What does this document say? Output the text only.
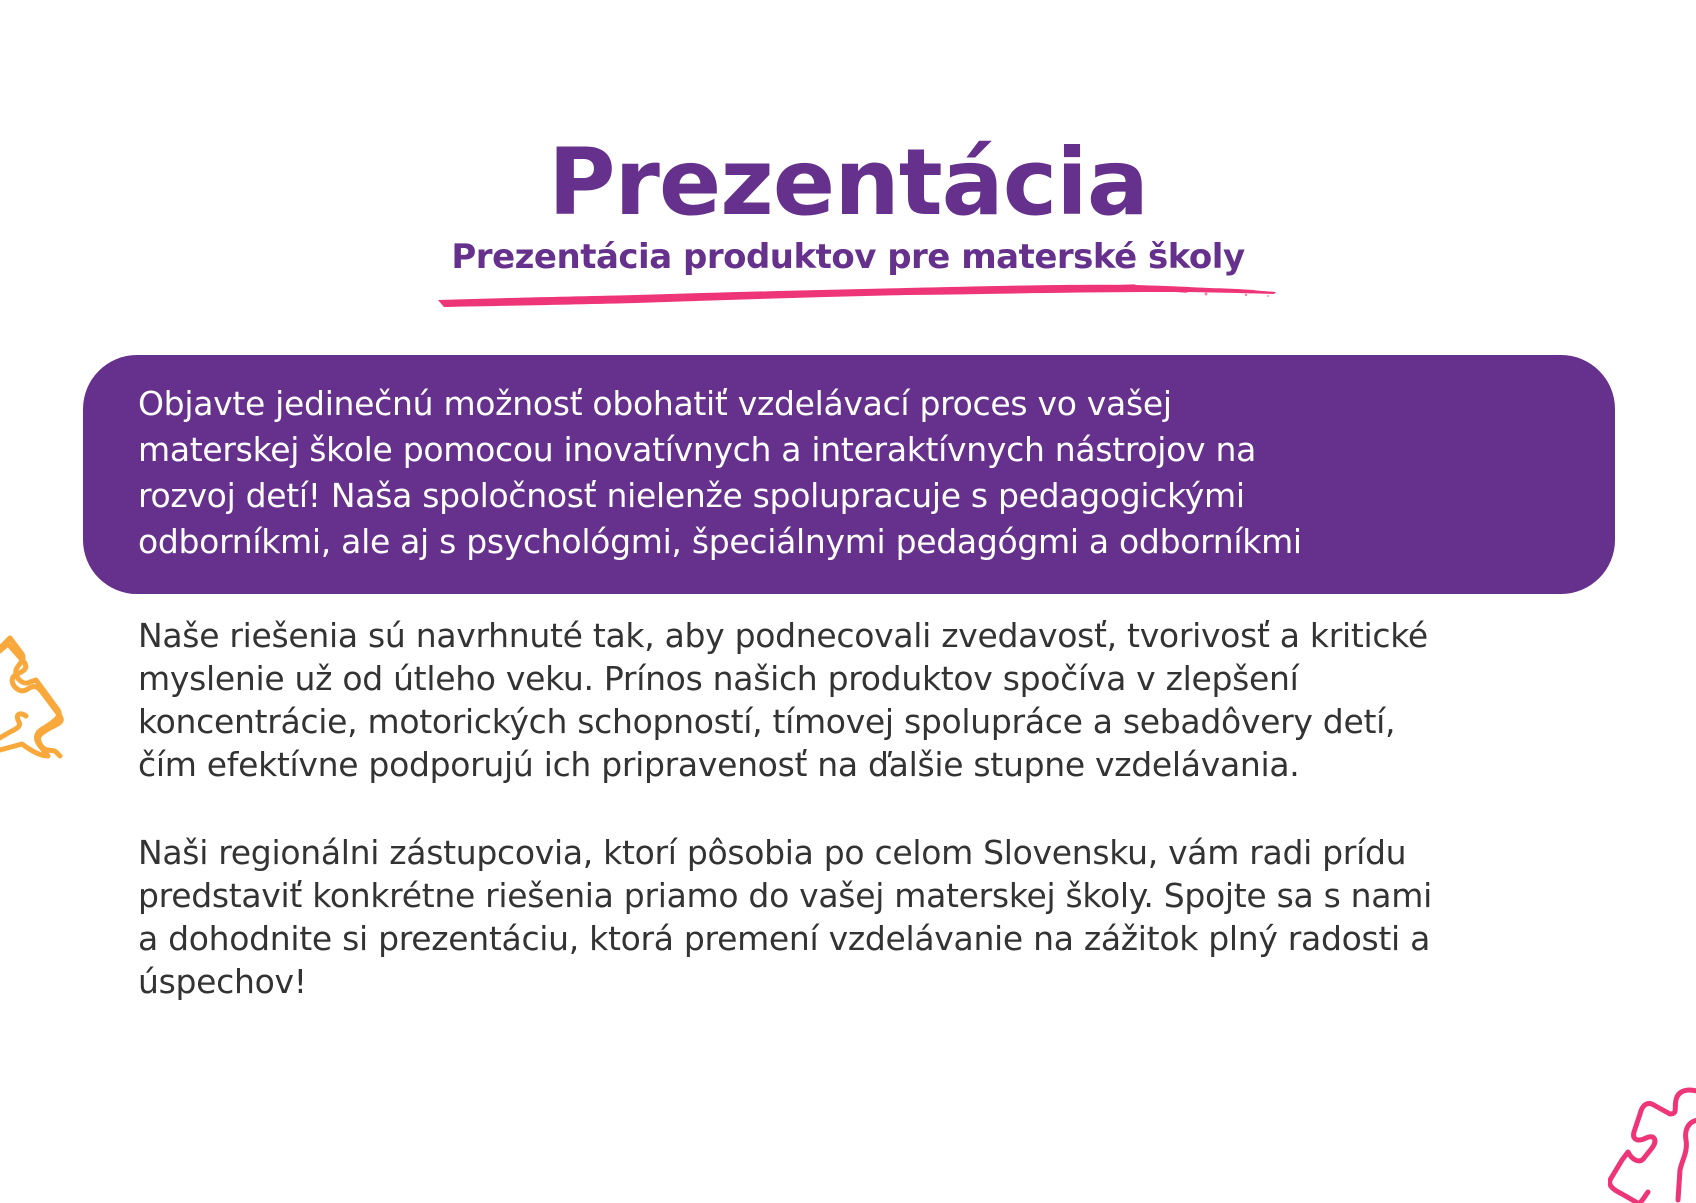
Prezentácia
Prezentácia produktov pre materské školy
Objavte jedinečnú možnosť obohatiť vzdelávací proces vo vašej
materskej škole pomocou inovatívnych a interaktívnych nástrojov na
rozvoj detí! Naša spoločnosť nielenže spolupracuje s pedagogickými
odborníkmi, ale aj s psychológmi, špeciálnymi pedagógmi a odborníkmi

Naše riešenia sú navrhnuté tak, aby podnecovali zvedavosť, tvorivosť a kritické
myslenie už od útleho veku. Prínos našich produktov spočíva v zlepšení
koncentrácie, motorických schopností, tímovej spolupráce a sebadôvery detí,
čím efektívne podporujú ich pripravenosť na ďalšie stupne vzdelávania.

Naši regionálni zástupcovia, ktorí pôsobia po celom Slovensku, vám radi prídu
predstaviť konkrétne riešenia priamo do vašej materskej školy. Spojte sa s nami
a dohodnite si prezentáciu, ktorá premení vzdelávanie na zážitok plný radosti a
úspechov!
